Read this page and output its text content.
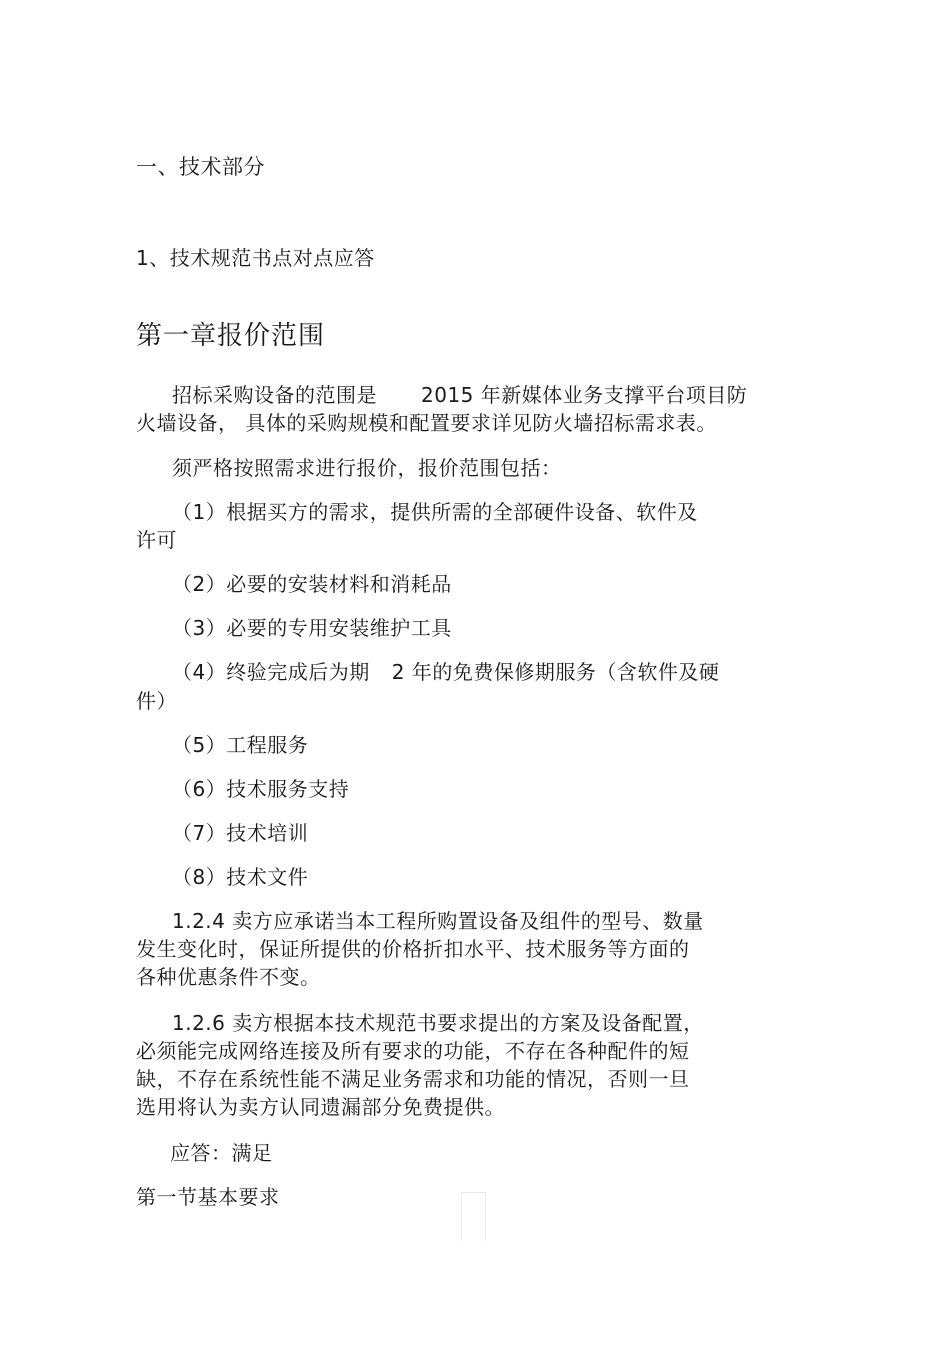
一、技术部分
1、技术规范书点对点应答
第一章报价范围
招标采购设备的范围是 2015 年新媒体业务支撑平台项目防
火墙设备， 具体的采购规模和配置要求详见防火墙招标需求表。
须严格按照需求进行报价，报价范围包括：
（1）根据买方的需求，提供所需的全部硬件设备、软件及
许可
（2）必要的安装材料和消耗品
（3）必要的专用安装维护工具
（4）终验完成后为期 2 年的免费保修期服务（含软件及硬
件）
（5）工程服务
（6）技术服务支持
（7）技术培训
（8）技术文件
1.2.4 卖方应承诺当本工程所购置设备及组件的型号、数量
发生变化时，保证所提供的价格折扣水平、技术服务等方面的
各种优惠条件不变。
1.2.6 卖方根据本技术规范书要求提出的方案及设备配置，
必须能完成网络连接及所有要求的功能，不存在各种配件的短
缺，不存在系统性能不满足业务需求和功能的情况，否则一旦
选用将认为卖方认同遗漏部分免费提供。
应答：满足
第一节基本要求
